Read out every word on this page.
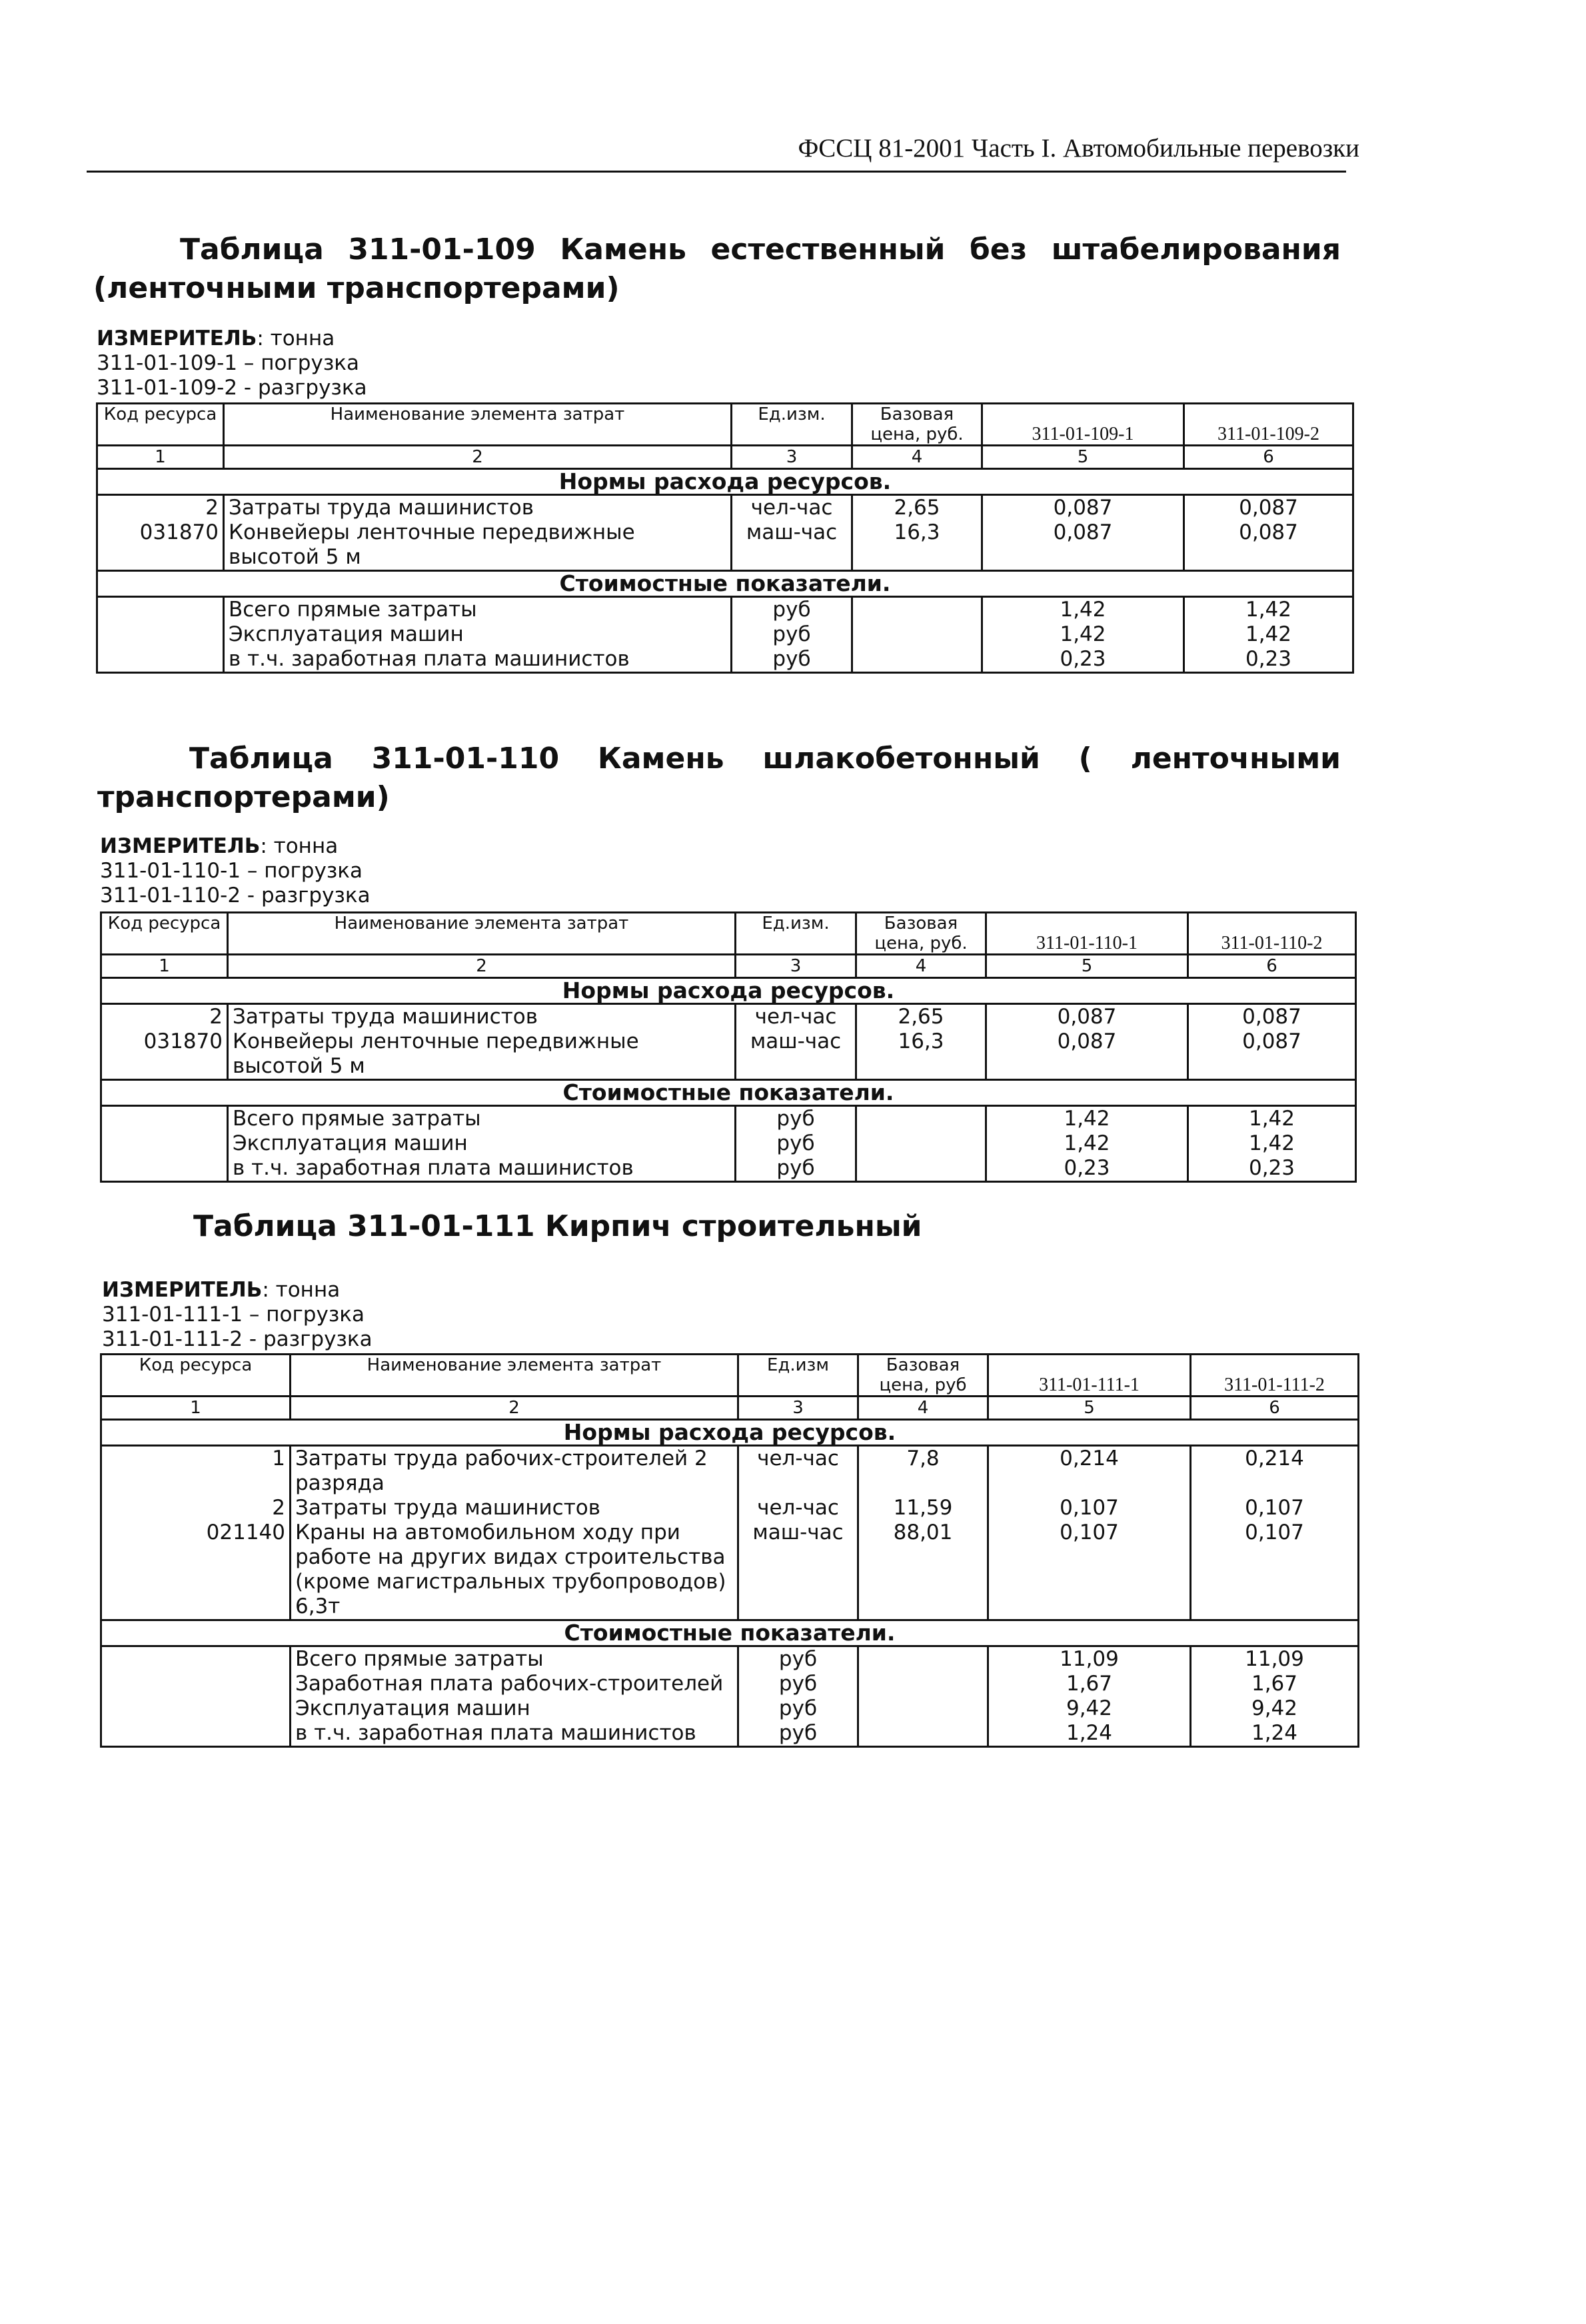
ФССЦ 81-2001 Часть I. Автомобильные перевозки
Таблица 311-01-109 Камень естественный без штабелирования
(ленточными транспортерами)
ИЗМЕРИТЕЛЬ: тонна
311-01-109-1 – погрузка
311-01-109-2 - разгрузка
Код ресурса	Наименование элемента затрат	Ед.изм.	Базовая цена, руб.	311-01-109-1	311-01-109-2
1	2	3	4	5	6
Нормы расхода ресурсов.					
2	Затраты труда машинистов	чел-час	2,65	0,087	0,087
031870	Конвейеры ленточные передвижные высотой 5 м	маш-час	16,3	0,087	0,087
Стоимостные показатели.					
	Всего прямые затраты	руб		1,42	1,42
	Эксплуатация машин	руб		1,42	1,42
	в т.ч. заработная плата машинистов	руб		0,23	0,23
Таблица 311-01-110 Камень шлакобетонный ( ленточными
транспортерами)
ИЗМЕРИТЕЛЬ: тонна
311-01-110-1 – погрузка
311-01-110-2 - разгрузка
Код ресурса	Наименование элемента затрат	Ед.изм.	Базовая цена, руб.	311-01-110-1	311-01-110-2
1	2	3	4	5	6
Нормы расхода ресурсов.					
2	Затраты труда машинистов	чел-час	2,65	0,087	0,087
031870	Конвейеры ленточные передвижные высотой 5 м	маш-час	16,3	0,087	0,087
Стоимостные показатели.					
	Всего прямые затраты	руб		1,42	1,42
	Эксплуатация машин	руб		1,42	1,42
	в т.ч. заработная плата машинистов	руб		0,23	0,23
Таблица 311-01-111 Кирпич строительный
ИЗМЕРИТЕЛЬ: тонна
311-01-111-1 – погрузка
311-01-111-2 - разгрузка
Код ресурса	Наименование элемента затрат	Ед.изм	Базовая цена, руб	311-01-111-1	311-01-111-2
1	2	3	4	5	6
Нормы расхода ресурсов.					
1	Затраты труда рабочих-строителей 2 разряда	чел-час	7,8	0,214	0,214
2	Затраты труда машинистов	чел-час	11,59	0,107	0,107
021140	Краны на автомобильном ходу при работе на других видах строительства (кроме магистральных трубопроводов) 6,3т	маш-час	88,01	0,107	0,107
Стоимостные показатели.					
	Всего прямые затраты	руб		11,09	11,09
	Заработная плата рабочих-строителей	руб		1,67	1,67
	Эксплуатация машин	руб		9,42	9,42
	в т.ч. заработная плата машинистов	руб		1,24	1,24
